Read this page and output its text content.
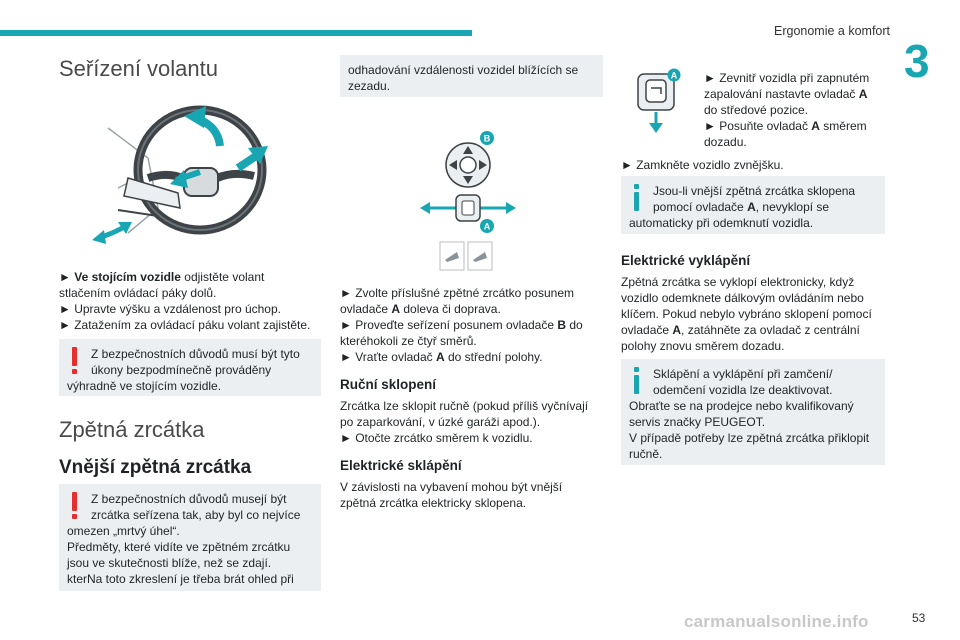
Ergonomie a komfort
3
Seřízení volantu

► Ve stojícím vozidle odjistěte volant
stlačením ovládací páky dolů.

► Upravte výšku a vzdálenost pro úchop.

► Zatažením za ovládací páku volant zajistěte.

Z bezpečnostních důvodů musí být tyto
úkony bezpodmínečně prováděny
výhradně ve stojícím vozidle.
Zpětná zrcátka
Vnější zpětná zrcátka
Z bezpečnostních důvodů musejí být
zrcátka seřízena tak, aby byl co nejvíce
omezen „mrtvý úhel“.
Předměty, které vidíte ve zpětném zrcátku
jsou ve skutečnosti blíže, než se zdají.
kterNa toto zkreslení je třeba brát ohled při
odhadování vzdálenosti vozidel blížících se
zezadu.
B
A

► Zvolte příslušné zpětné zrcátko posunem
ovladače A doleva či doprava.

► Proveďte seřízení posunem ovladače B do
kteréhokoli ze čtyř směrů.

► Vraťte ovladač A do střední polohy.

Ruční sklopení

Zrcátka lze sklopit ručně (pokud příliš vyčnívají
po zaparkování, v úzké garáži apod.).
► Otočte zrcátko směrem k vozidlu.

Elektrické sklápění

V závislosti na vybavení mohou být vnější
zpětná zrcátka elektricky sklopena.

A ► Zevnitř vozidla při zapnutém
zapalování nastavte ovladač A
do středové pozice.

► Posuňte ovladač A směrem
dozadu.

► Zamkněte vozidlo zvnějšku.

Jsou-li vnější zpětná zrcátka sklopena
pomocí ovladače A, nevyklopí se
automaticky při odemknutí vozidla.
Elektrické vyklápění

Zpětná zrcátka se vyklopí elektronicky, když
vozidlo odemknete dálkovým ovládáním nebo
klíčem. Pokud nebylo vybráno sklopení pomocí
ovladače A, zatáhněte za ovladač z centrální
polohy znovu směrem dozadu.

Sklápění a vyklápění při zamčení/
odemčení vozidla lze deaktivovat.
Obraťte se na prodejce nebo kvalifikovaný
servis značky PEUGEOT.
V případě potřeby lze zpětná zrcátka přiklopit
ručně.
carmanualsonline.info	53
